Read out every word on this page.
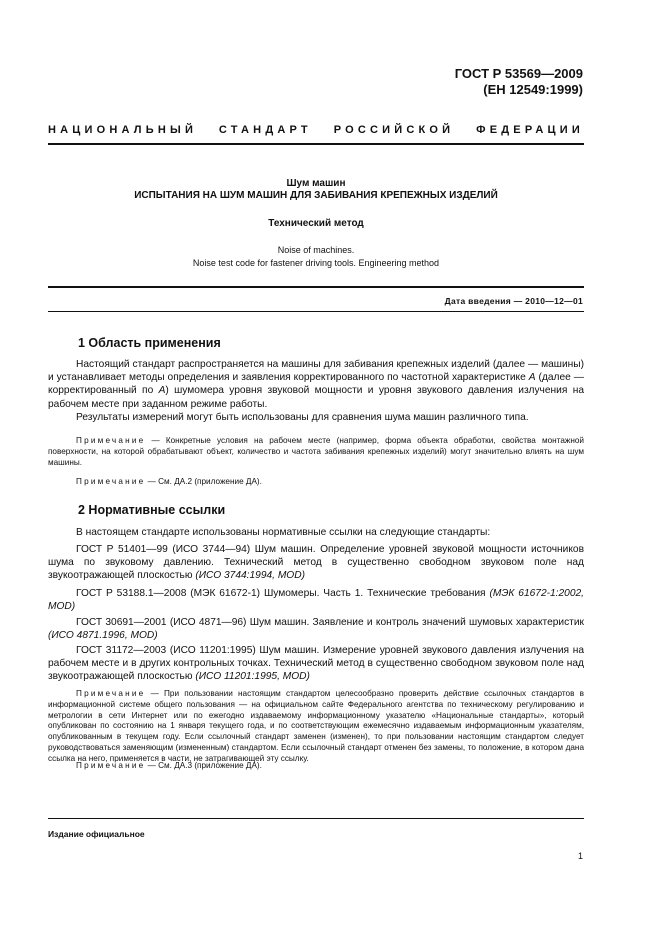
ГОСТ Р 53569—2009
(ЕН 12549:1999)
НАЦИОНАЛЬНЫЙ СТАНДАРТ РОССИЙСКОЙ ФЕДЕРАЦИИ
Шум машин
ИСПЫТАНИЯ НА ШУМ МАШИН ДЛЯ ЗАБИВАНИЯ КРЕПЕЖНЫХ ИЗДЕЛИЙ
Технический метод
Noise of machines.
Noise test code for fastener driving tools. Engineering method
Дата введения — 2010—12—01
1 Область применения
Настоящий стандарт распространяется на машины для забивания крепежных изделий (далее — машины) и устанавливает методы определения и заявления корректированного по частотной характеристике А (далее — корректированный по А) шумомера уровня звуковой мощности и уровня звукового давления излучения на рабочем месте при заданном режиме работы.
Результаты измерений могут быть использованы для сравнения шума машин различного типа.
Примечание — Конкретные условия на рабочем месте (например, форма объекта обработки, свойства монтажной поверхности, на которой обрабатывают объект, количество и частота забивания крепежных изделий) могут значительно влиять на шум машины.
Примечание — См. ДА.2 (приложение ДА).
2 Нормативные ссылки
В настоящем стандарте использованы нормативные ссылки на следующие стандарты:
ГОСТ Р 51401—99 (ИСО 3744—94) Шум машин. Определение уровней звуковой мощности источников шума по звуковому давлению. Технический метод в существенно свободном звуковом поле над звукоотражающей плоскостью (ИСО 3744:1994, MOD)
ГОСТ Р 53188.1—2008 (МЭК 61672-1) Шумомеры. Часть 1. Технические требования (МЭК 61672-1:2002, MOD)
ГОСТ 30691—2001 (ИСО 4871—96) Шум машин. Заявление и контроль значений шумовых характеристик (ИСО 4871.1996, MOD)
ГОСТ 31172—2003 (ИСО 11201:1995) Шум машин. Измерение уровней звукового давления излучения на рабочем месте и в других контрольных точках. Технический метод в существенно свободном звуковом поле над звукоотражающей плоскостью (ИСО 11201:1995, MOD)
Примечание — При пользовании настоящим стандартом целесообразно проверить действие ссылочных стандартов в информационной системе общего пользования — на официальном сайте Федерального агентства по техническому регулированию и метрологии в сети Интернет или по ежегодно издаваемому информационному указателю «Национальные стандарты», который опубликован по состоянию на 1 января текущего года, и по соответствующим ежемесячно издаваемым информационным указателям, опубликованным в текущем году. Если ссылочный стандарт заменен (изменен), то при пользовании настоящим стандартом следует руководствоваться заменяющим (измененным) стандартом. Если ссылочный стандарт отменен без замены, то положение, в котором дана ссылка на него, применяется в части, не затрагивающей эту ссылку.
Примечание — См. ДА.3 (приложение ДА).
Издание официальное
1
